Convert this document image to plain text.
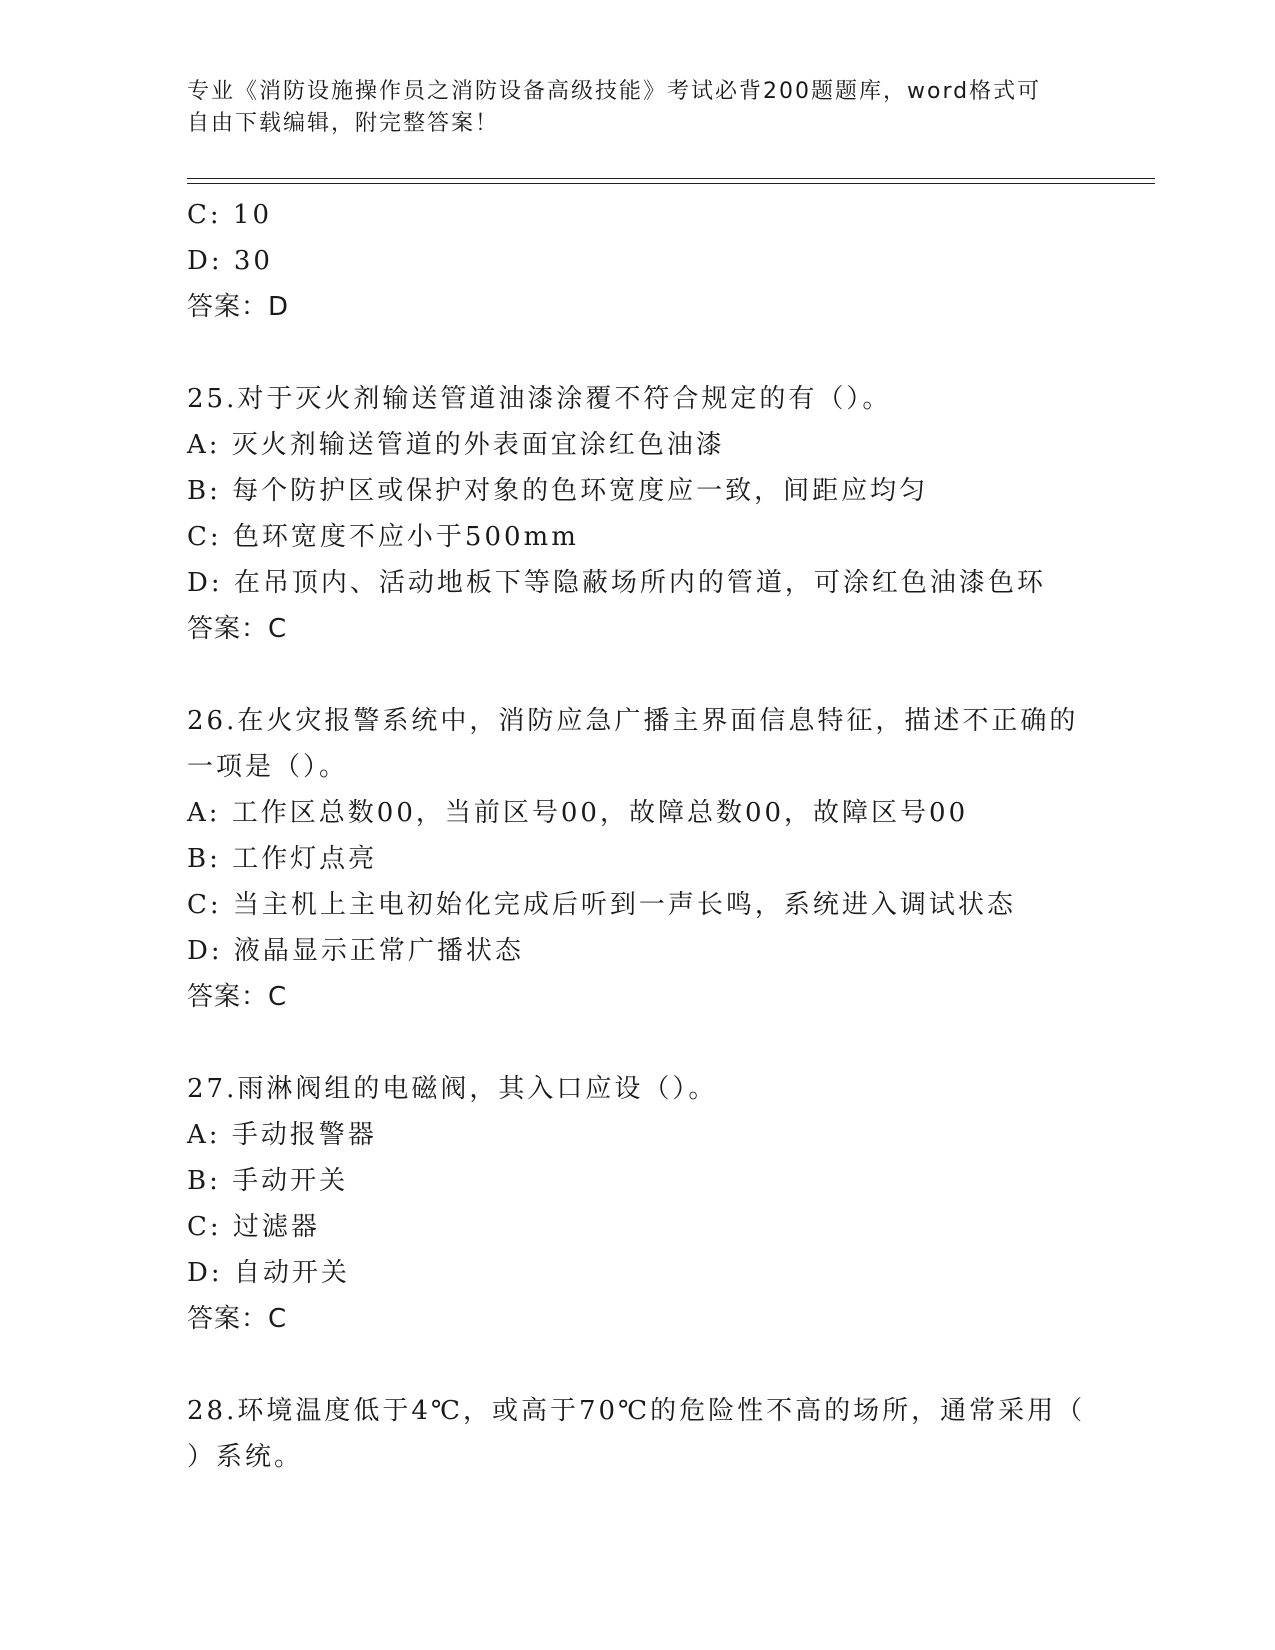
专业《消防设施操作员之消防设备高级技能》考试必背200题题库，word格式可
自由下载编辑，附完整答案！
C: 10
D: 30
答案：D
25.对于灭火剂输送管道油漆涂覆不符合规定的有（）。
A: 灭火剂输送管道的外表面宜涂红色油漆
B: 每个防护区或保护对象的色环宽度应一致，间距应均匀
C: 色环宽度不应小于500mm
D: 在吊顶内、活动地板下等隐蔽场所内的管道，可涂红色油漆色环
答案：C
26.在火灾报警系统中，消防应急广播主界面信息特征，描述不正确的
一项是（）。
A: 工作区总数00，当前区号00，故障总数00，故障区号00
B: 工作灯点亮
C: 当主机上主电初始化完成后听到一声长鸣，系统进入调试状态
D: 液晶显示正常广播状态
答案：C
27.雨淋阀组的电磁阀，其入口应设（）。
A: 手动报警器
B: 手动开关
C: 过滤器
D: 自动开关
答案：C
28.环境温度低于4℃，或高于70℃的危险性不高的场所，通常采用（
）系统。
